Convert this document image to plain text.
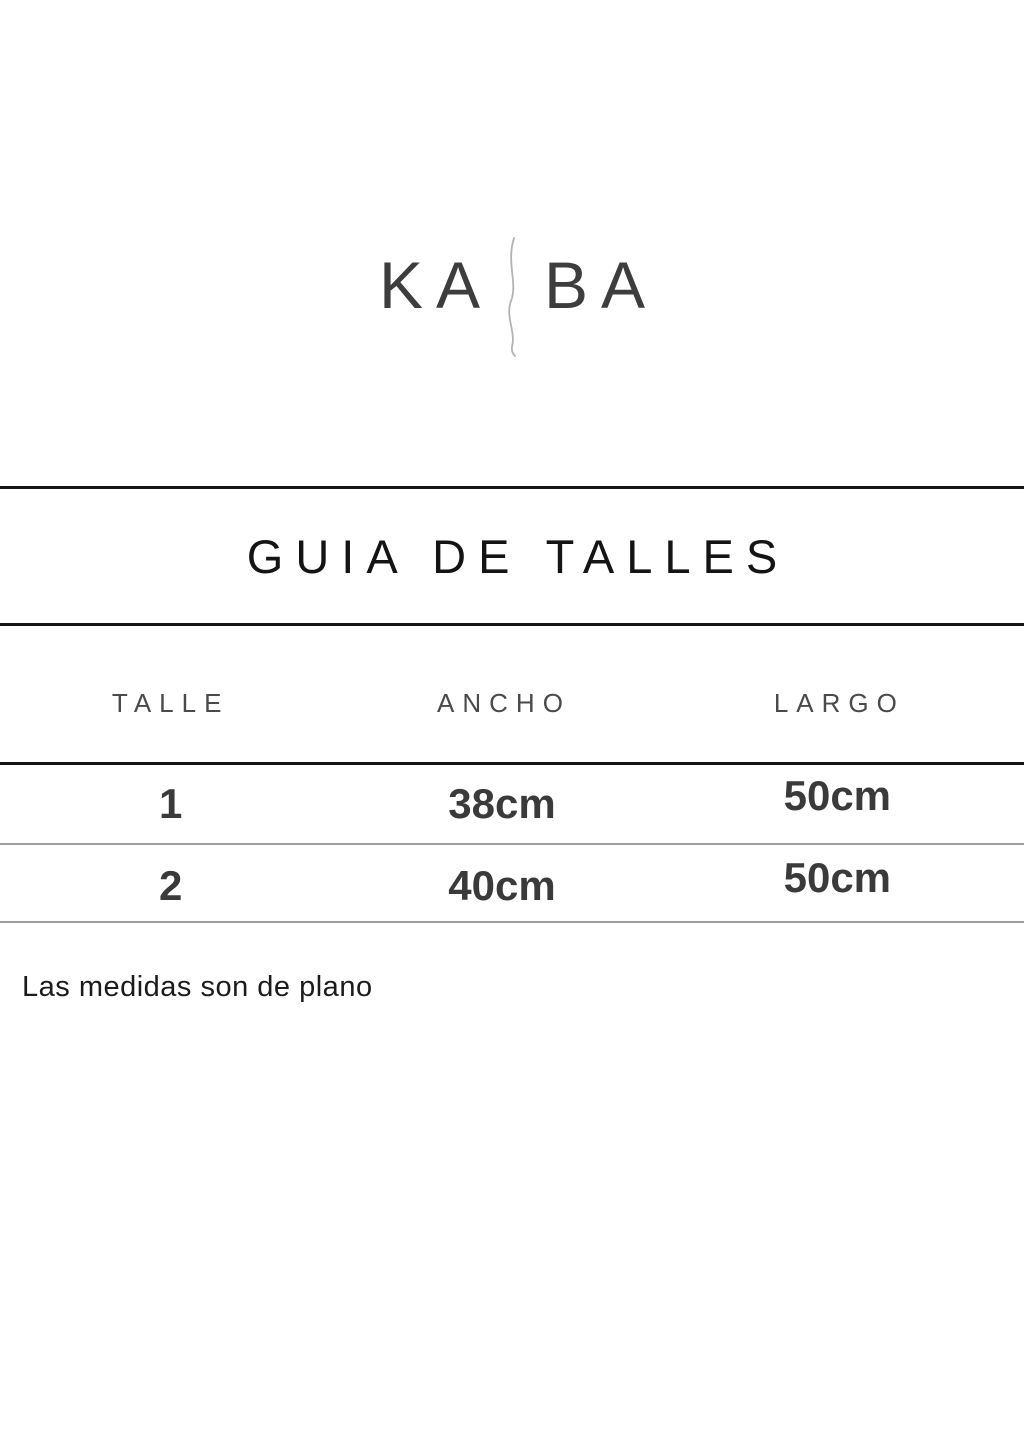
KA BA
GUIA DE TALLES
TALLE	ANCHO	LARGO
1	38cm	50cm
2	40cm	50cm

Las medidas son de plano
